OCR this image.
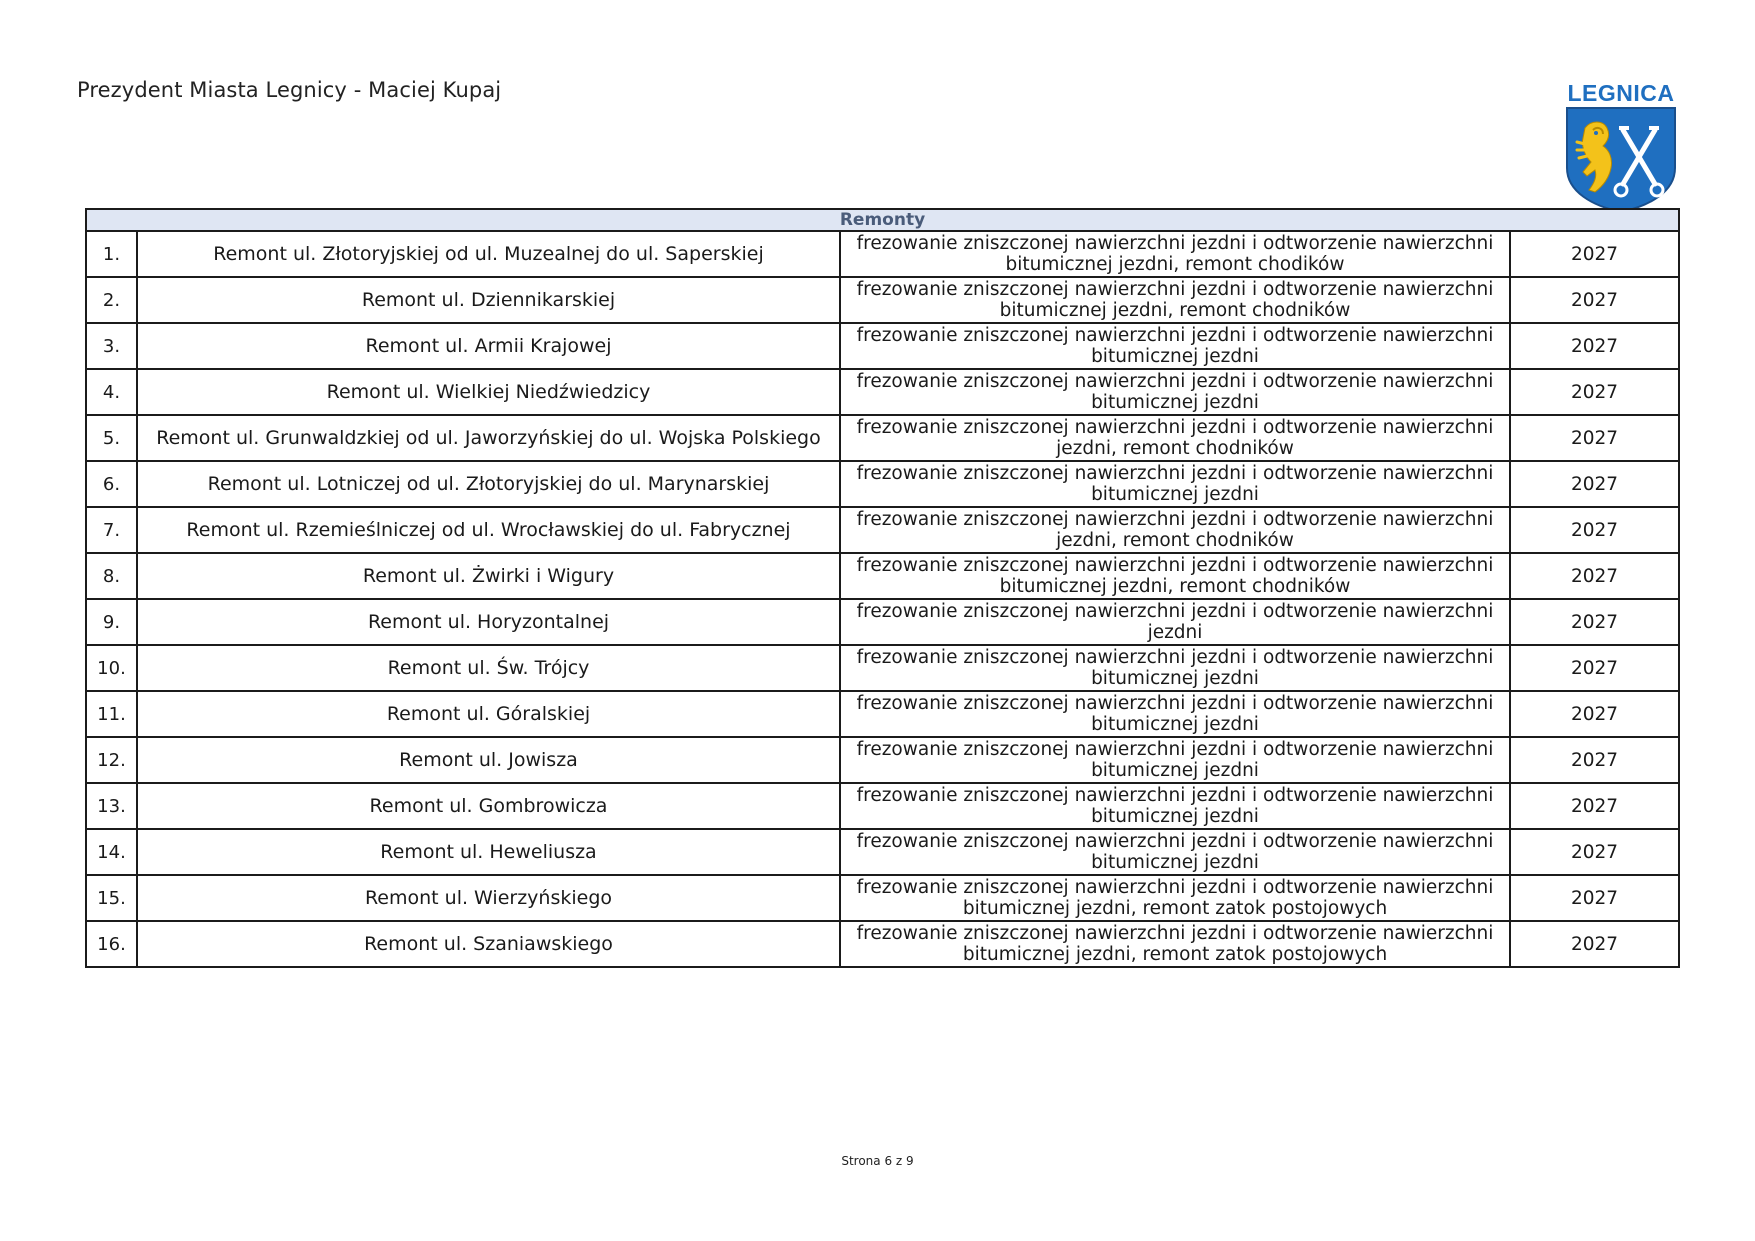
Prezydent Miasta Legnicy - Maciej Kupaj	LEGNICA
Remonty			
1.	Remont ul. Złotoryjskiej od ul. Muzealnej do ul. Saperskiej	frezowanie zniszczonej nawierzchni jezdni i odtworzenie nawierzchni bitumicznej jezdni, remont chodików	2027
2.	Remont ul. Dziennikarskiej	frezowanie zniszczonej nawierzchni jezdni i odtworzenie nawierzchni bitumicznej jezdni, remont chodników	2027
3.	Remont ul. Armii Krajowej	frezowanie zniszczonej nawierzchni jezdni i odtworzenie nawierzchni bitumicznej jezdni	2027
4.	Remont ul. Wielkiej Niedźwiedzicy	frezowanie zniszczonej nawierzchni jezdni i odtworzenie nawierzchni bitumicznej jezdni	2027
5.	Remont ul. Grunwaldzkiej od ul. Jaworzyńskiej do ul. Wojska Polskiego	frezowanie zniszczonej nawierzchni jezdni i odtworzenie nawierzchni jezdni, remont chodników	2027
6.	Remont ul. Lotniczej od ul. Złotoryjskiej do ul. Marynarskiej	frezowanie zniszczonej nawierzchni jezdni i odtworzenie nawierzchni bitumicznej jezdni	2027
7.	Remont ul. Rzemieślniczej od ul. Wrocławskiej do ul. Fabrycznej	frezowanie zniszczonej nawierzchni jezdni i odtworzenie nawierzchni jezdni, remont chodników	2027
8.	Remont ul. Żwirki i Wigury	frezowanie zniszczonej nawierzchni jezdni i odtworzenie nawierzchni bitumicznej jezdni, remont chodników	2027
9.	Remont ul. Horyzontalnej	frezowanie zniszczonej nawierzchni jezdni i odtworzenie nawierzchni jezdni	2027
10.	Remont ul. Św. Trójcy	frezowanie zniszczonej nawierzchni jezdni i odtworzenie nawierzchni bitumicznej jezdni	2027
11.	Remont ul. Góralskiej	frezowanie zniszczonej nawierzchni jezdni i odtworzenie nawierzchni bitumicznej jezdni	2027
12.	Remont ul. Jowisza	frezowanie zniszczonej nawierzchni jezdni i odtworzenie nawierzchni bitumicznej jezdni	2027
13.	Remont ul. Gombrowicza	frezowanie zniszczonej nawierzchni jezdni i odtworzenie nawierzchni bitumicznej jezdni	2027
14.	Remont ul. Heweliusza	frezowanie zniszczonej nawierzchni jezdni i odtworzenie nawierzchni bitumicznej jezdni	2027
15.	Remont ul. Wierzyńskiego	frezowanie zniszczonej nawierzchni jezdni i odtworzenie nawierzchni bitumicznej jezdni, remont zatok postojowych	2027
16.	Remont ul. Szaniawskiego	frezowanie zniszczonej nawierzchni jezdni i odtworzenie nawierzchni bitumicznej jezdni, remont zatok postojowych	2027
Strona 6 z 9
